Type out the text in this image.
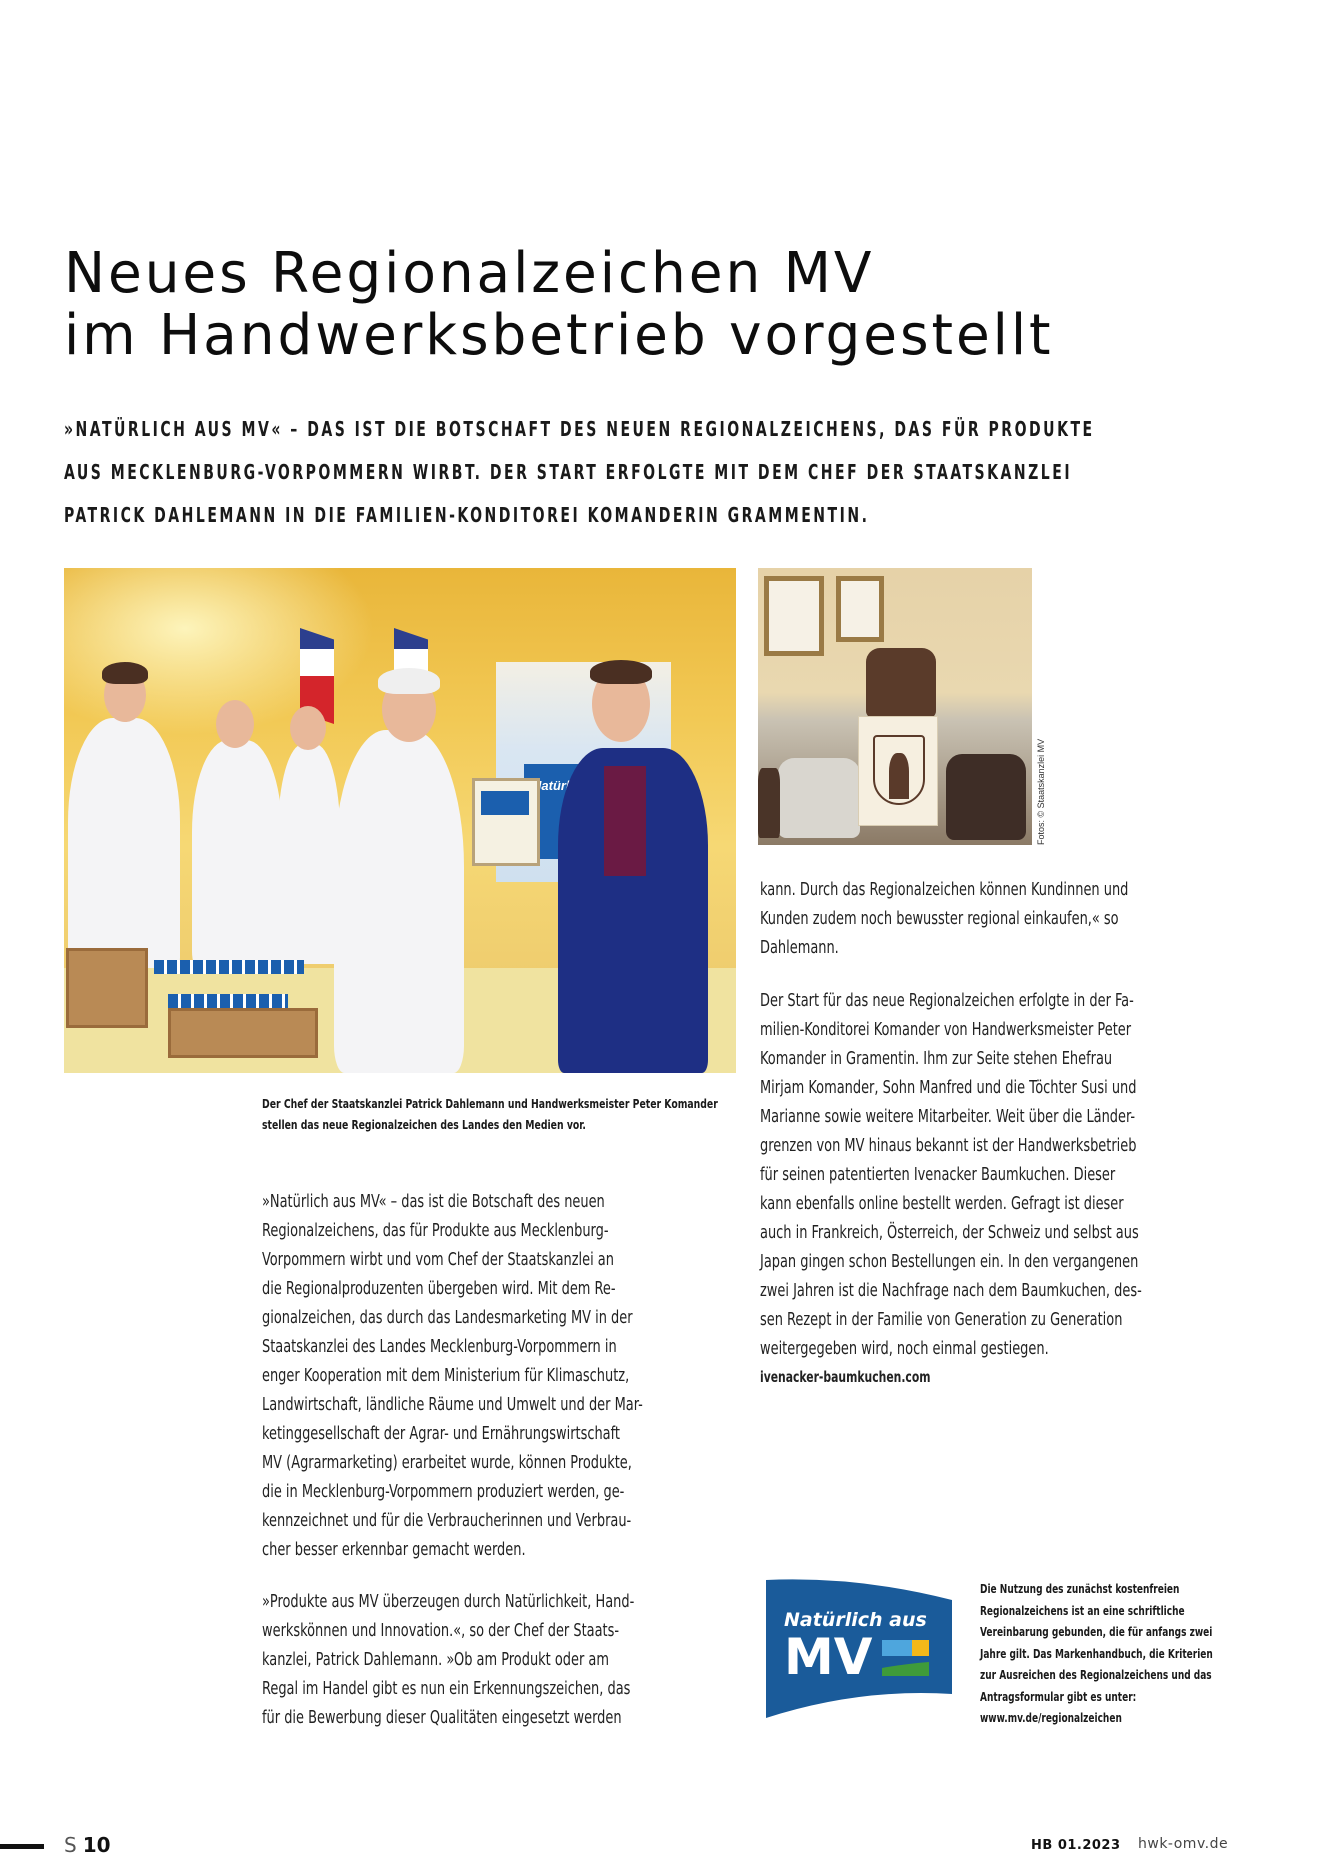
Neues Regionalzeichen MV
im Handwerksbetrieb vorgestellt
»NATÜRLICH AUS MV« – DAS IST DIE BOTSCHAFT DES NEUEN REGIONALZEICHENS, DAS FÜR PRODUKTE
AUS MECKLENBURG-VORPOMMERN WIRBT. DER START ERFOLGTE MIT DEM CHEF DER STAATSKANZLEI
PATRICK DAHLEMANN IN DIE FAMILIEN-KONDITOREI KOMANDERIN GRAMMENTIN.
Natürlich	Fotos: © Staatskanzlei MV
Der Chef der Staatskanzlei Patrick Dahlemann und Handwerksmeister Peter Komander
stellen das neue Regionalzeichen des Landes den Medien vor.
»Natürlich aus MV« – das ist die Botschaft des neuen
Regionalzeichens, das für Produkte aus Mecklenburg-
Vorpommern wirbt und vom Chef der Staatskanzlei an
die Regionalproduzenten übergeben wird. Mit dem Re-
gionalzeichen, das durch das Landesmarketing MV in der
Staatskanzlei des Landes Mecklenburg-Vorpommern in
enger Kooperation mit dem Ministerium für Klimaschutz,
Landwirtschaft, ländliche Räume und Umwelt und der Mar-
ketinggesellschaft der Agrar- und Ernährungswirtschaft
MV (Agrarmarketing) erarbeitet wurde, können Produkte,
die in Mecklenburg-Vorpommern produziert werden, ge-
kennzeichnet und für die Verbraucherinnen und Verbrau-
cher besser erkennbar gemacht werden.
»Produkte aus MV überzeugen durch Natürlichkeit, Hand-
werkskönnen und Innovation.«, so der Chef der Staats-
kanzlei, Patrick Dahlemann. »Ob am Produkt oder am
Regal im Handel gibt es nun ein Erkennungszeichen, das
für die Bewerbung dieser Qualitäten eingesetzt werden
kann. Durch das Regionalzeichen können Kundinnen und
Kunden zudem noch bewusster regional einkaufen,« so
Dahlemann.
Der Start für das neue Regionalzeichen erfolgte in der Fa-
milien-Konditorei Komander von Handwerksmeister Peter
Komander in Gramentin. Ihm zur Seite stehen Ehefrau
Mirjam Komander, Sohn Manfred und die Töchter Susi und
Marianne sowie weitere Mitarbeiter. Weit über die Länder-
grenzen von MV hinaus bekannt ist der Handwerksbetrieb
für seinen patentierten Ivenacker Baumkuchen. Dieser
kann ebenfalls online bestellt werden. Gefragt ist dieser
auch in Frankreich, Österreich, der Schweiz und selbst aus
Japan gingen schon Bestellungen ein. In den vergangenen
zwei Jahren ist die Nachfrage nach dem Baumkuchen, des-
sen Rezept in der Familie von Generation zu Generation
weitergegeben wird, noch einmal gestiegen.
ivenacker-baumkuchen.com
Natürlich aus
MV
Die Nutzung des zunächst kostenfreien
Regionalzeichens ist an eine schriftliche
Vereinbarung gebunden, die für anfangs zwei
Jahre gilt. Das Markenhandbuch, die Kriterien
zur Ausreichen des Regionalzeichens und das
Antragsformular gibt es unter:
www.mv.de/regionalzeichen
S 10	HB 01.2023 hwk-omv.de
